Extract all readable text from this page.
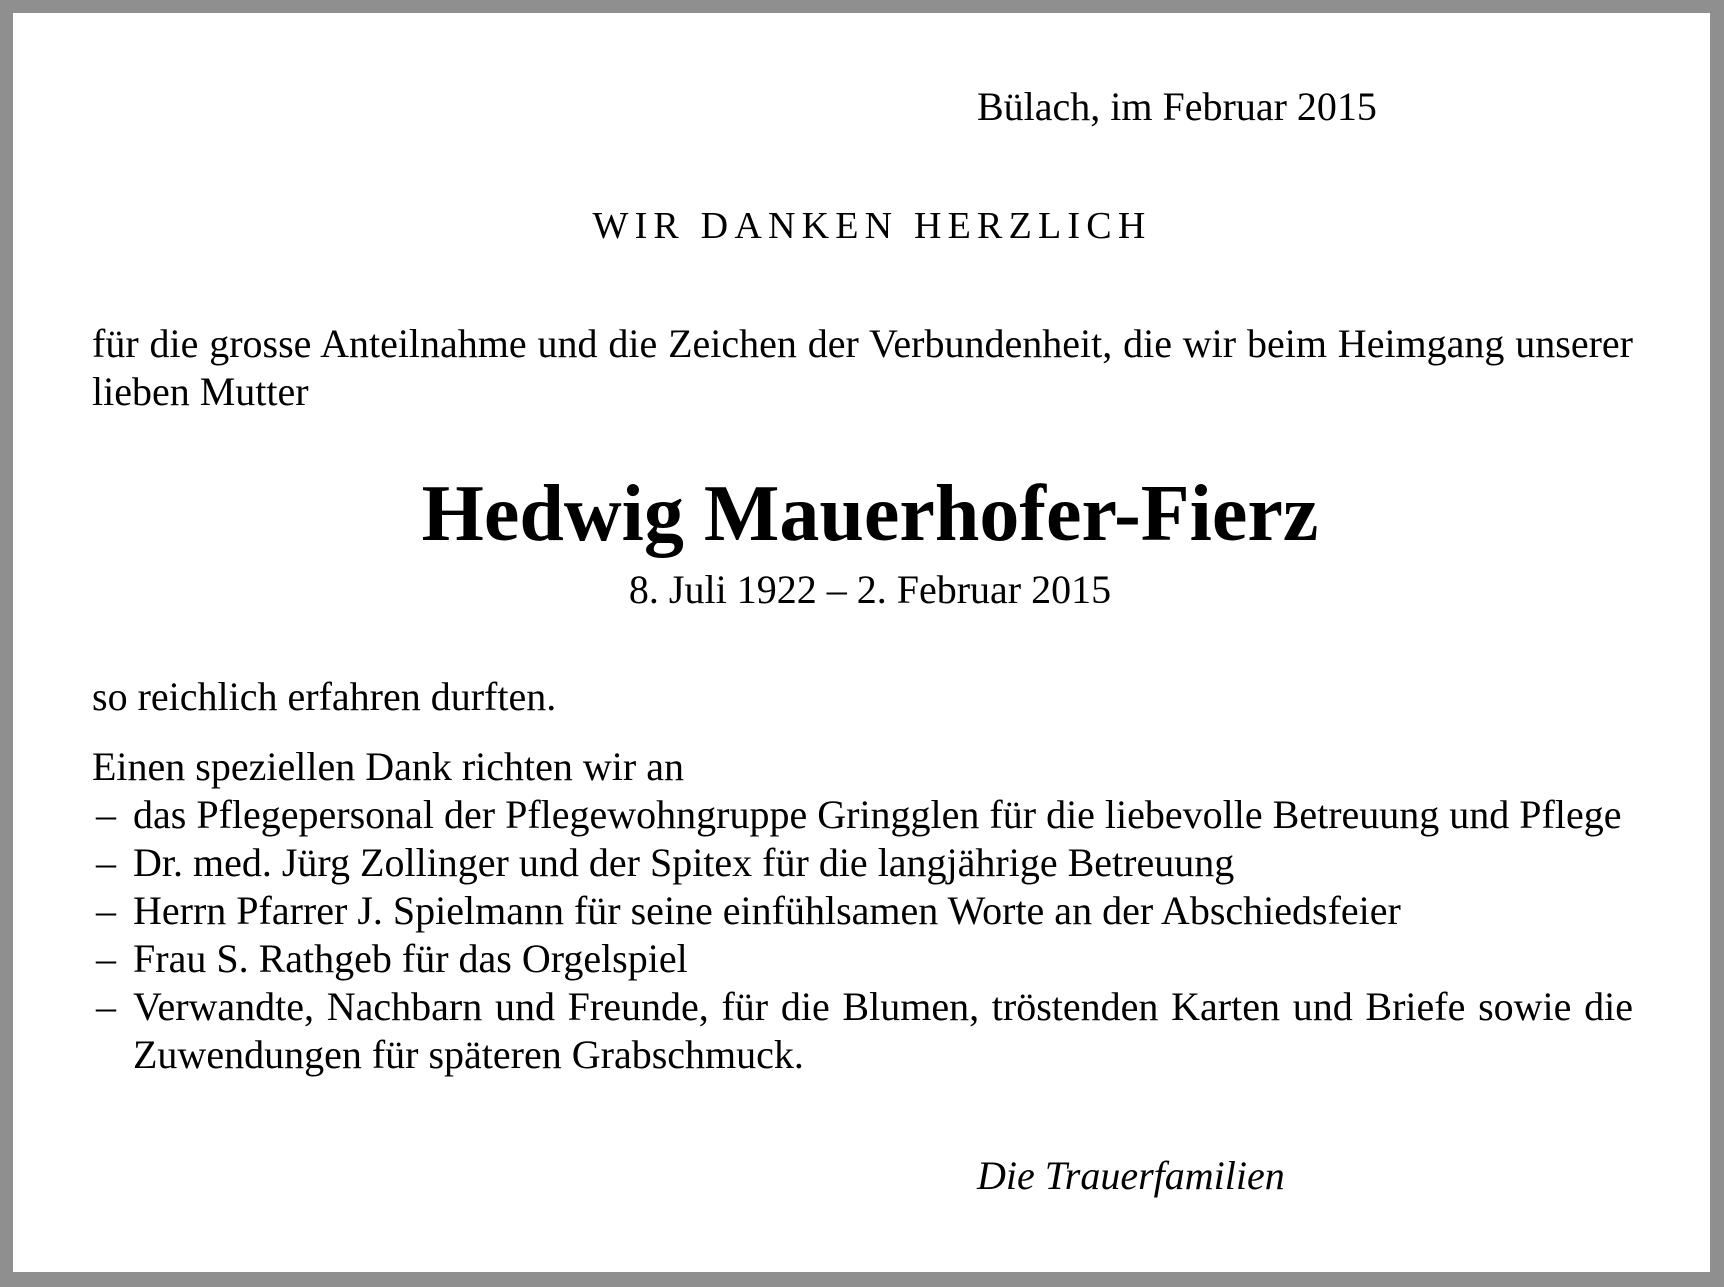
Bülach, im Februar 2015

WIR DANKEN HERZLICH

für die grosse Anteilnahme und die Zeichen der Verbundenheit, die wir beim Heimgang unserer lieben Mutter

Hedwig Mauerhofer-Fierz

8. Juli 1922 – 2. Februar 2015

so reichlich erfahren durften.

Einen speziellen Dank richten wir an

– das Pflegepersonal der Pflegewohngruppe Gringglen für die liebevolle Betreuung und Pflege
– Dr. med. Jürg Zollinger und der Spitex für die langjährige Betreuung
– Herrn Pfarrer J. Spielmann für seine einfühlsamen Worte an der Abschiedsfeier
– Frau S. Rathgeb für das Orgelspiel
– Verwandte, Nachbarn und Freunde, für die Blumen, tröstenden Karten und Briefe sowie die Zuwendungen für späteren Grabschmuck.

Die Trauerfamilien
